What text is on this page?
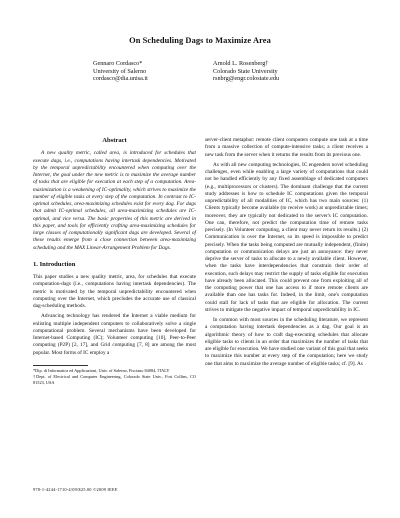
On Scheduling Dags to Maximize Area
Gennaro Cordasco*
University of Salerno
cordasco@dia.unisa.it
Arnold L. Rosenberg†
Colorado State University
rsnbrg@engr.colostate.edu
Abstract

A new quality metric, called area, is introduced for schedules that execute dags, i.e., computations having intertask dependencies. Motivated by the temporal unpredictability encountered when computing over the Internet, the goal under the new metric is to maximize the average number of tasks that are eligible for execution at each step of a computation. Area-maximization is a weakening of IC-optimality, which strives to maximize the number of eligible tasks at every step of the computation. In contrast to IC-optimal schedules, area-maximizing schedules exist for every dag. For dags that admit IC-optimal schedules, all area-maximizing schedules are IC-optimal, and vice versa. The basic properties of this metric are derived in this paper, and tools for efficiently crafting area-maximizing schedules for large classes of computationally significant dags are developed. Several of these results emerge from a close connection between area-maximizing scheduling and the MAX Linear-Arrangement Problem for Dags.

1. Introduction

This paper studies a new quality metric, area, for schedules that execute computation-dags (i.e., computations having intertask dependencies). The metric is motivated by the temporal unpredictability encountered when computing over the Internet, which precludes the accurate use of classical dag-scheduling methods.

Advancing technology has rendered the Internet a viable medium for enlisting multiple independent computers to collaboratively solve a single computational problem. Several mechanisms have been developed for Internet-based Computing (IC); Volunteer computing [10], Peer-to-Peer computing (P2P) [2, 17], and Grid computing [7, 8] are among the most popular. Most forms of IC employ a

*Dip. di Informatica ed Applicazioni, Univ. of Salerno, Fisciano 84084, ITALY
†Dept. of Electrical and Computer Engineering, Colorado State Univ., Fort Collins, CO 81523, USA

server-client metaphor: remote client computers compute one task at a time from a massive collection of compute-intensive tasks; a client receives a new task from the server when it returns the results from its previous one.

As with all new computing technologies, IC engenders novel scheduling challenges, even while enabling a large variety of computations that could not be handled efficiently by any fixed assemblage of dedicated computers (e.g., multiprocessors or clusters). The dominant challenge that the current study addresses is how to schedule IC computations given the temporal unpredictability of all modalities of IC, which has two main sources: (1) Clients typically become available (to receive work) at unpredictable times; moreover, they are typically not dedicated to the server's IC computation. One can, therefore, not predict the computation time of remote tasks precisely. (In Volunteer computing, a client may never return its results.) (2) Communication is over the Internet, so its speed is impossible to predict precisely. When the tasks being computed are mutually independent, (finite) computation or communication delays are just an annoyance: they never deprive the server of tasks to allocate to a newly available client. However, when the tasks have interdependencies that constrain their order of execution, such delays may restrict the supply of tasks eligible for execution have already been allocated. This could prevent one from exploiting all of the computing power that one has access to if more remote clients are available than one has tasks for. Indeed, in the limit, one's computation could stall for lack of tasks that are eligible for allocation. The current strives to mitigate the negative impact of temporal unpredictability in IC.

In common with most sources in the scheduling literature, we represent a computation having intertask dependencies as a dag. Our goal is an algorithmic theory of how to craft dag-executing schedules that allocate eligible tasks to clients in an order that maximizes the number of tasks that are eligible for execution. We have studied one variant of this goal that seeks to maximize this number at every step of the computation; here we study one that aims to maximize the average number of eligible tasks; cf. [9]. As

978-1-4244-1710-4/09/$25.00 ©2009 IEEE
